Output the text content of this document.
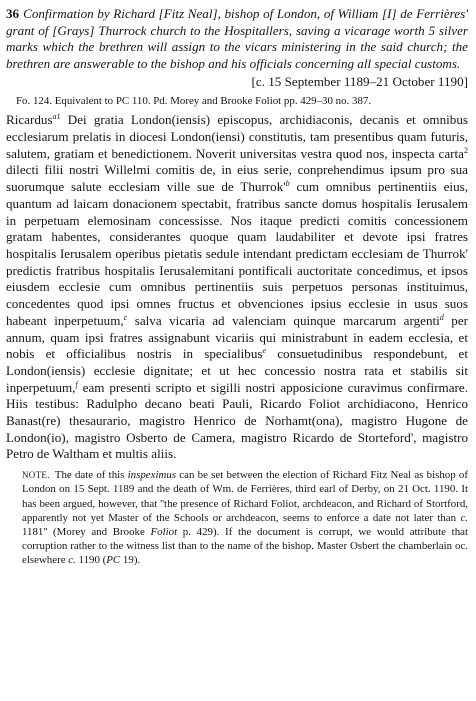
36 Confirmation by Richard [Fitz Neal], bishop of London, of William [I] de Ferrières' grant of [Grays] Thurrock church to the Hospitallers, saving a vicarage worth 5 silver marks which the brethren will assign to the vicars ministering in the said church; the brethren are answerable to the bishop and his officials concerning all special customs.

[c. 15 September 1189–21 October 1190]
Fo. 124. Equivalent to PC 110. Pd. Morey and Brooke Foliot pp. 429–30 no. 387.

Ricardus$^{a1}$ Dei gratia London(iensis) episcopus, archidiaconis, decanis et omnibus ecclesiarum prelatis in diocesi London(iensi) constitutis, tam presentibus quam futuris, salutem, gratiam et benedictionem. Noverit universitas vestra quod nos, inspecta carta$^2$ dilecti filii nostri Willelmi comitis de, in eius serie, conprehendimus ipsum pro sua suorumque salute ecclesiam ville sue de $Thurrok'^b$ cum omnibus pertinentiis eius, quantum ad laicam donacionem spectabit, fratribus sancte domus hospitalis Ierusalem in perpetuam elemosinam concessisse. Nos itaque predicti comitis concessionem gratam habentes, considerantes quoque quam laudabiliter et devote ipsi fratres hospitalis Ierusalem operibus pietatis sedule intendant predictam ecclesiam de Thurrok' predictis fratribus hospitalis Ierusalemitani pontificali auctoritate concedimus, et ipsos eiusdem ecclesie cum omnibus pertinentiis suis perpetuos personas instituimus, concedentes quod ipsi omnes fructus et obvenciones ipsius ecclesie in usus suos habeant inperpetuum,$^c$ salva vicaria ad valenciam quinque marcarum argenti$^d$ per annum, quam ipsi fratres assignabunt vicariis qui ministrabunt in eadem ecclesia, et nobis et officialibus nostris in specialibus$^e$ consuetudinibus respondebunt, et London(iensis) ecclesie dignitate; et ut hec concessio nostra rata et stabilis sit inperpetuum,$^f$ eam presenti scripto et sigilli nostri apposicione curavimus confirmare. Hiis testibus: Radulpho decano beati Pauli, Ricardo Foliot archidiacono, Henrico Banast(re) thesaurario, magistro Henrico de Norhamt(ona), magistro Hugone de London(io), magistro Osberto de Camera, magistro Ricardo de Storteford', magistro Petro de Waltham et multis aliis.

NOTE. The date of this inspeximus can be set between the election of Richard Fitz Neal as bishop of London on 15 Sept. 1189 and the death of Wm. de Ferrières, third earl of Derby, on 21 Oct. 1190. It has been argued, however, that ''the presence of Richard Foliot, archdeacon, and Richard of Stortford, apparently not yet Master of the Schools or archdeacon, seems to enforce a date not later than c. 1181'' (Morey and Brooke Foliot p. 429). If the document is corrupt, we would attribute that corruption rather to the witness list than to the name of the bishop. Master Osbert the chamberlain oc. elsewhere c. 1190 (PC 19).
